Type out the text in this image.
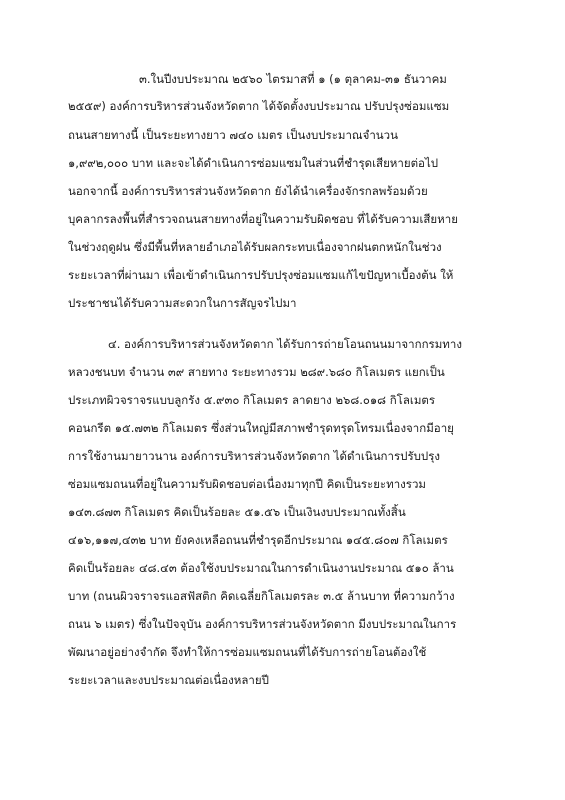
๓.ในปีงบประมาณ ๒๕๖๐ ไตรมาสที่ ๑ (๑ ตุลาคม-๓๑ ธันวาคม
๒๕๕๙) องค์การบริหารส่วนจังหวัดตาก ได้จัดตั้งงบประมาณ ปรับปรุงซ่อมแซม
ถนนสายทางนี้ เป็นระยะทางยาว ๗๔๐ เมตร เป็นงบประมาณจำนวน
๑,๙๙๒,๐๐๐ บาท และจะได้ดำเนินการซ่อมแซมในส่วนที่ชำรุดเสียหายต่อไป
นอกจากนี้ องค์การบริหารส่วนจังหวัดตาก ยังได้นำเครื่องจักรกลพร้อมด้วย
บุคลากรลงพื้นที่สำรวจถนนสายทางที่อยู่ในความรับผิดชอบ ที่ได้รับความเสียหาย
ในช่วงฤดูฝน ซึ่งมีพื้นที่หลายอำเภอได้รับผลกระทบเนื่องจากฝนตกหนักในช่วง
ระยะเวลาที่ผ่านมา เพื่อเข้าดำเนินการปรับปรุงซ่อมแซมแก้ไขปัญหาเบื้องต้น ให้
ประชาชนได้รับความสะดวกในการสัญจรไปมา
๔. องค์การบริหารส่วนจังหวัดตาก ได้รับการถ่ายโอนถนนมาจากกรมทาง
หลวงชนบท จำนวน ๓๙ สายทาง ระยะทางรวม ๒๘๙.๖๘๐ กิโลเมตร แยกเป็น
ประเภทผิวจราจรแบบลูกรัง ๕.๙๓๐ กิโลเมตร ลาดยาง ๒๖๘.๐๑๘ กิโลเมตร
คอนกรีต ๑๕.๗๓๒ กิโลเมตร ซึ่งส่วนใหญ่มีสภาพชำรุดทรุดโทรมเนื่องจากมีอายุ
การใช้งานมายาวนาน องค์การบริหารส่วนจังหวัดตาก ได้ดำเนินการปรับปรุง
ซ่อมแซมถนนที่อยู่ในความรับผิดชอบต่อเนื่องมาทุกปี คิดเป็นระยะทางรวม
๑๔๓.๘๗๓ กิโลเมตร คิดเป็นร้อยละ ๕๑.๕๖ เป็นเงินงบประมาณทั้งสิ้น
๔๑๖,๑๑๗,๔๓๒ บาท ยังคงเหลือถนนที่ชำรุดอีกประมาณ ๑๔๕.๘๐๗ กิโลเมตร
คิดเป็นร้อยละ ๔๘.๔๓ ต้องใช้งบประมาณในการดำเนินงานประมาณ ๕๑๐ ล้าน
บาท (ถนนผิวจราจรแอสฟัสติก คิดเฉลี่ยกิโลเมตรละ ๓.๕ ล้านบาท ที่ความกว้าง
ถนน ๖ เมตร) ซึ่งในปัจจุบัน องค์การบริหารส่วนจังหวัดตาก มีงบประมาณในการ
พัฒนาอยู่อย่างจำกัด จึงทำให้การซ่อมแซมถนนที่ได้รับการถ่ายโอนต้องใช้
ระยะเวลาและงบประมาณต่อเนื่องหลายปี
